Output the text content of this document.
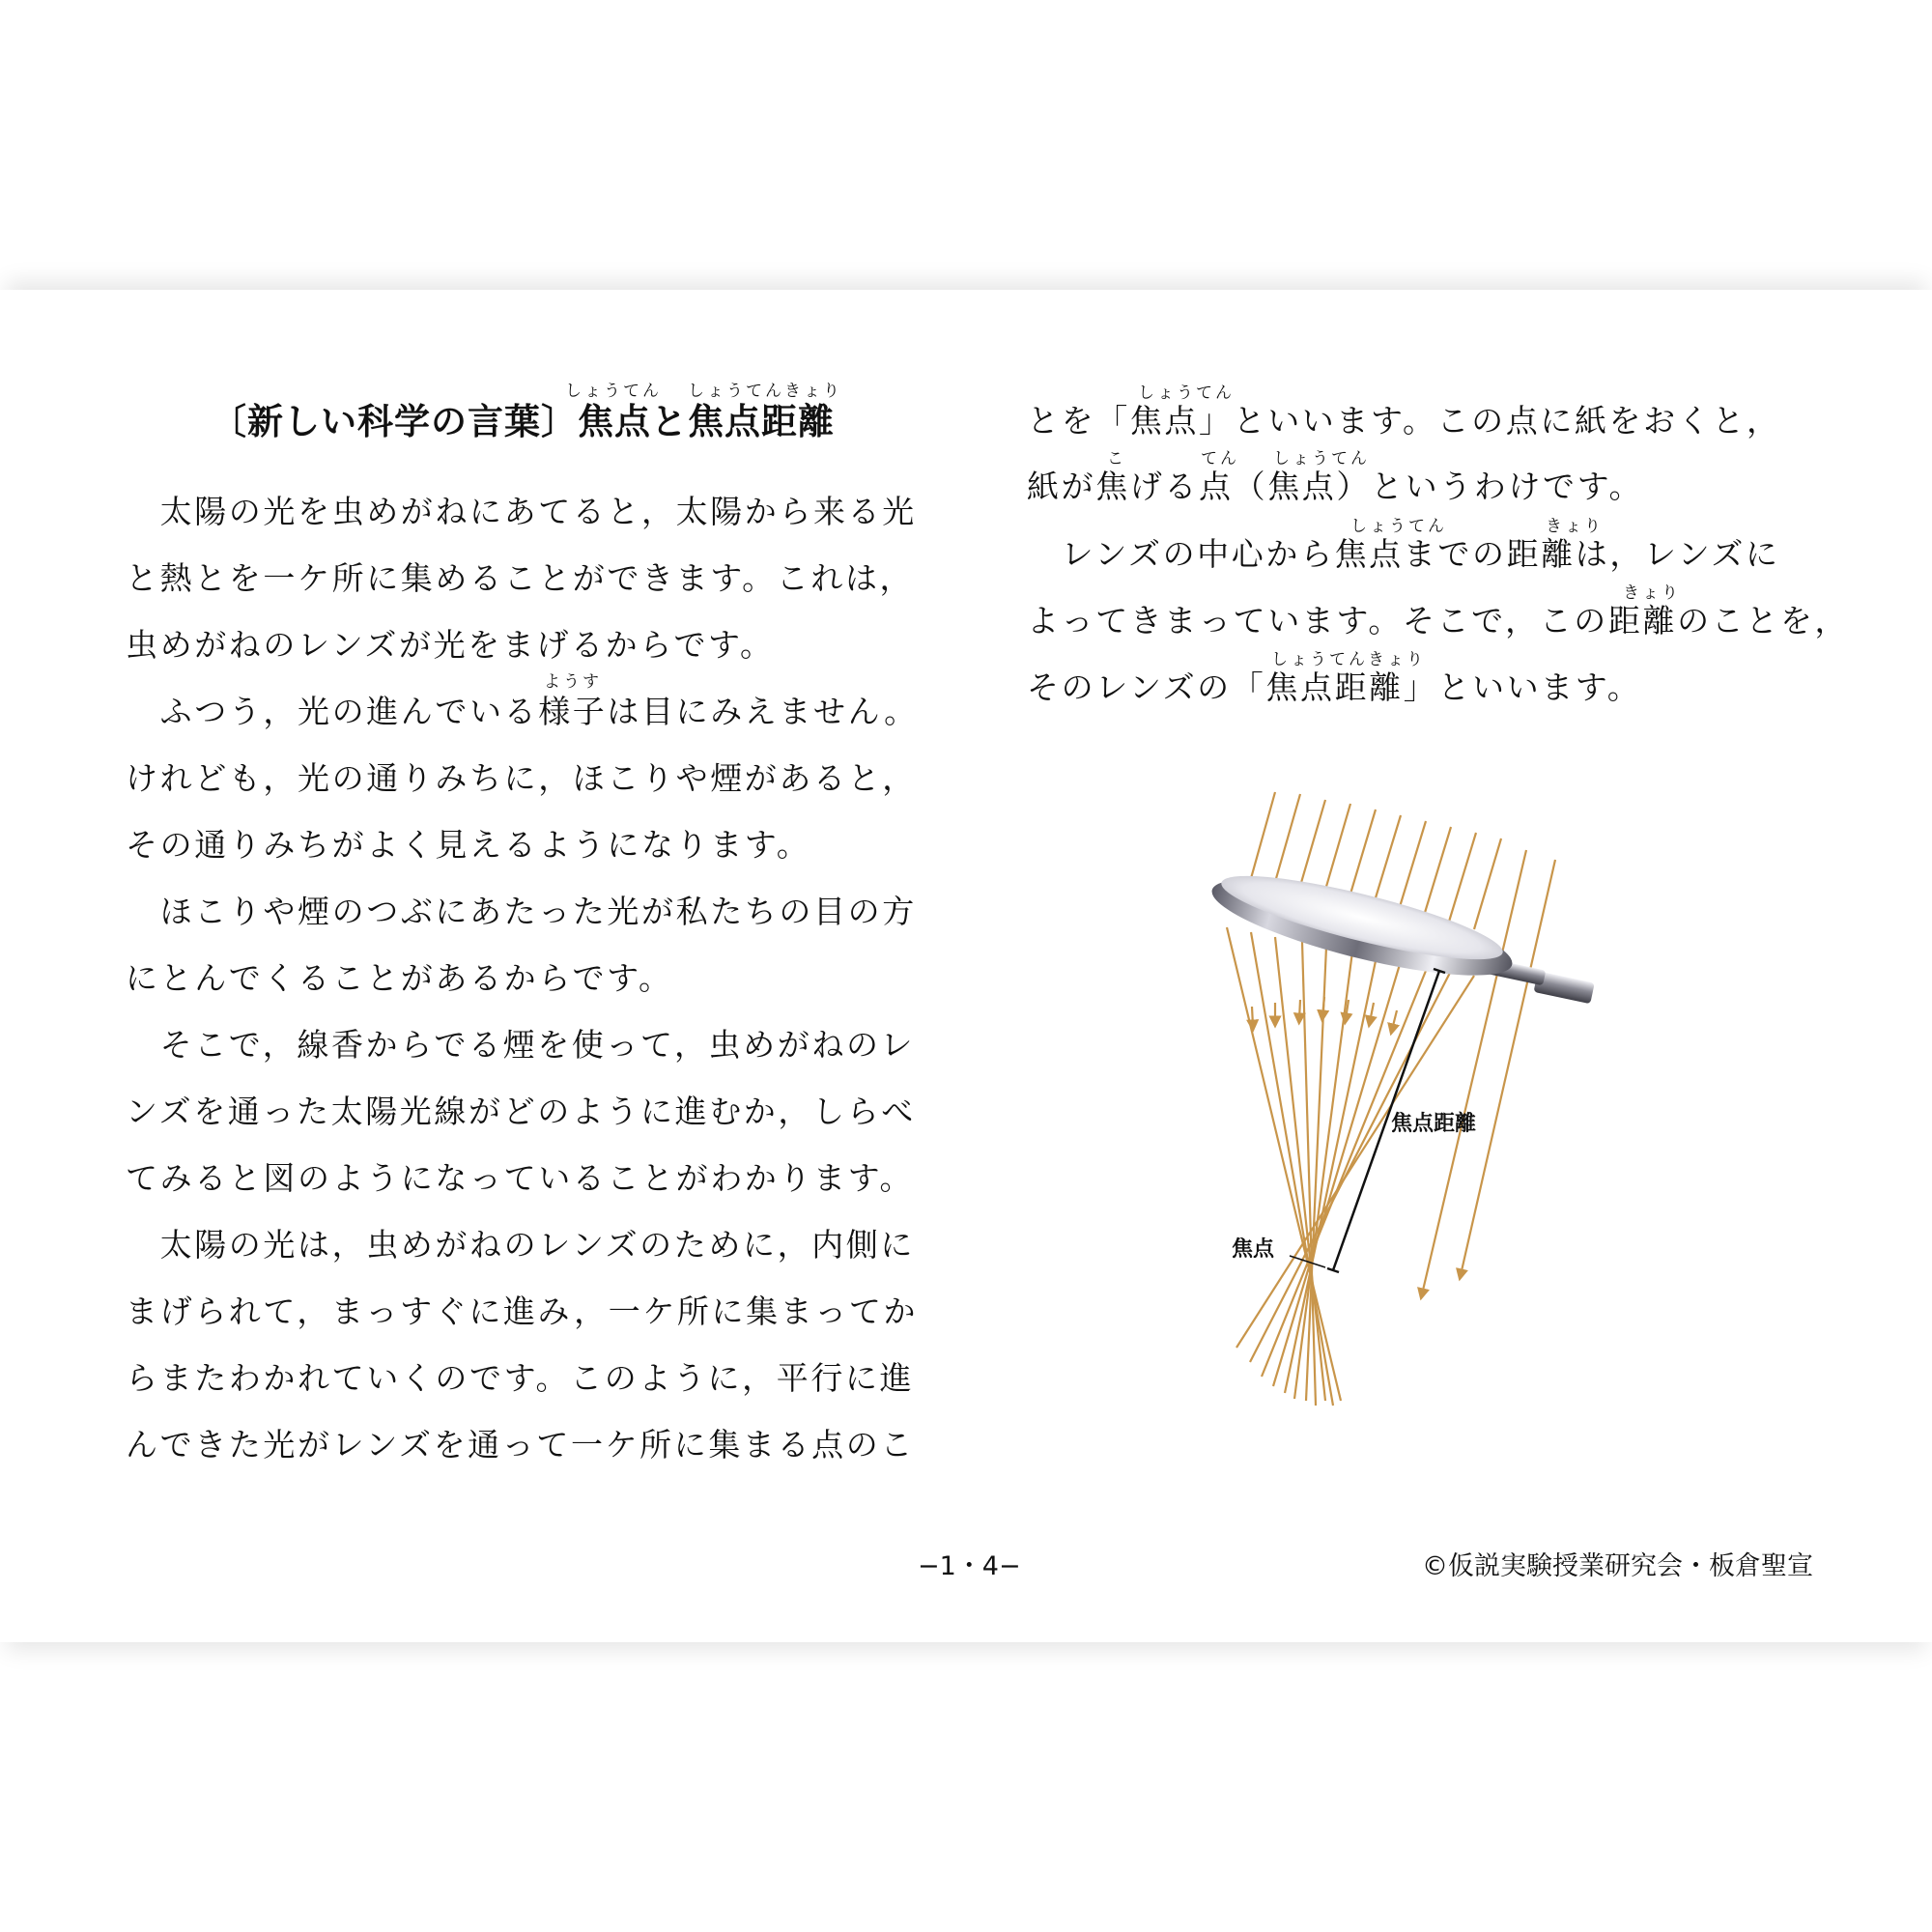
〔新しい科学の言葉〕焦点と焦点距離
しょうてん しょうてんきょり
　太陽の光を虫めがねにあてると，太陽から来る光
と熱とを一ケ所に集めることができます。これは，
虫めがねのレンズが光をまげるからです。
ようす
　ふつう，光の進んでいる様子は目にみえません。
けれども，光の通りみちに，ほこりや煙があると，
その通りみちがよく見えるようになります。
　ほこりや煙のつぶにあたった光が私たちの目の方
にとんでくることがあるからです。
　そこで，線香からでる煙を使って，虫めがねのレ
ンズを通った太陽光線がどのように進むか，しらべ
てみると図のようになっていることがわかります。
　太陽の光は，虫めがねのレンズのために，内側に
まげられて，まっすぐに進み，一ケ所に集まってか
らまたわかれていくのです。このように，平行に進
んできた光がレンズを通って一ケ所に集まる点のこ
しょうてん
とを「焦点」といいます。この点に紙をおくと，
こ	てん しょうてん
紙が焦げる点（焦点）というわけです。
しょうてん	きょり
　レンズの中心から焦点までの距離は，レンズに
きょり
よってきまっています。そこで，この距離のことを，
しょうてんきょり
そのレンズの「焦点距離」といいます。
焦点距離
焦点
−1・4−	©仮説実験授業研究会・板倉聖宣
